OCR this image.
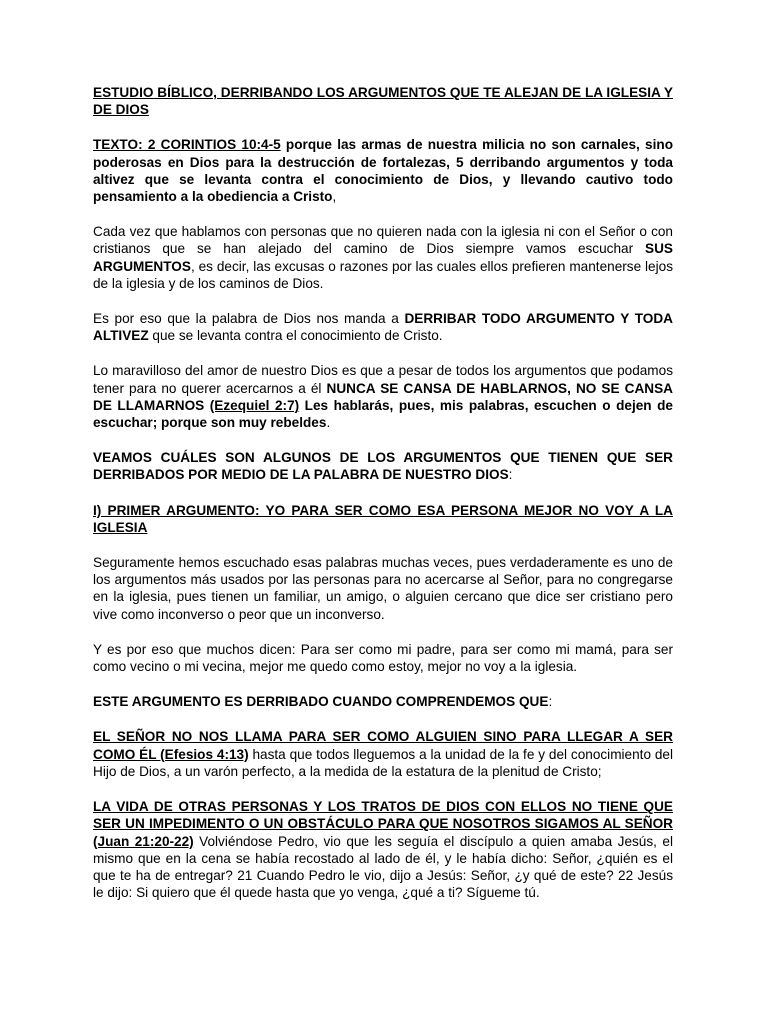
ESTUDIO BÍBLICO, DERRIBANDO LOS ARGUMENTOS QUE TE ALEJAN DE LA IGLESIA Y DE DIOS

TEXTO: 2 CORINTIOS 10:4-5 porque las armas de nuestra milicia no son carnales, sino poderosas en Dios para la destrucción de fortalezas, 5 derribando argumentos y toda altivez que se levanta contra el conocimiento de Dios, y llevando cautivo todo pensamiento a la obediencia a Cristo,

Cada vez que hablamos con personas que no quieren nada con la iglesia ni con el Señor o con cristianos que se han alejado del camino de Dios siempre vamos escuchar SUS ARGUMENTOS, es decir, las excusas o razones por las cuales ellos prefieren mantenerse lejos de la iglesia y de los caminos de Dios.

Es por eso que la palabra de Dios nos manda a DERRIBAR TODO ARGUMENTO Y TODA ALTIVEZ que se levanta contra el conocimiento de Cristo.

Lo maravilloso del amor de nuestro Dios es que a pesar de todos los argumentos que podamos tener para no querer acercarnos a él NUNCA SE CANSA DE HABLARNOS, NO SE CANSA DE LLAMARNOS (Ezequiel 2:7) Les hablarás, pues, mis palabras, escuchen o dejen de escuchar; porque son muy rebeldes.

VEAMOS CUÁLES SON ALGUNOS DE LOS ARGUMENTOS QUE TIENEN QUE SER DERRIBADOS POR MEDIO DE LA PALABRA DE NUESTRO DIOS:

I) PRIMER ARGUMENTO: YO PARA SER COMO ESA PERSONA MEJOR NO VOY A LA IGLESIA

Seguramente hemos escuchado esas palabras muchas veces, pues verdaderamente es uno de los argumentos más usados por las personas para no acercarse al Señor, para no congregarse en la iglesia, pues tienen un familiar, un amigo, o alguien cercano que dice ser cristiano pero vive como inconverso o peor que un inconverso.

Y es por eso que muchos dicen: Para ser como mi padre, para ser como mi mamá, para ser como vecino o mi vecina, mejor me quedo como estoy, mejor no voy a la iglesia.

ESTE ARGUMENTO ES DERRIBADO CUANDO COMPRENDEMOS QUE:

EL SEÑOR NO NOS LLAMA PARA SER COMO ALGUIEN SINO PARA LLEGAR A SER COMO ÉL (Efesios 4:13) hasta que todos lleguemos a la unidad de la fe y del conocimiento del Hijo de Dios, a un varón perfecto, a la medida de la estatura de la plenitud de Cristo;

LA VIDA DE OTRAS PERSONAS Y LOS TRATOS DE DIOS CON ELLOS NO TIENE QUE SER UN IMPEDIMENTO O UN OBSTÁCULO PARA QUE NOSOTROS SIGAMOS AL SEÑOR (Juan 21:20-22) Volviéndose Pedro, vio que les seguía el discípulo a quien amaba Jesús, el mismo que en la cena se había recostado al lado de él, y le había dicho: Señor, ¿quién es el que te ha de entregar? 21 Cuando Pedro le vio, dijo a Jesús: Señor, ¿y qué de este? 22 Jesús le dijo: Si quiero que él quede hasta que yo venga, ¿qué a ti? Sígueme tú.
